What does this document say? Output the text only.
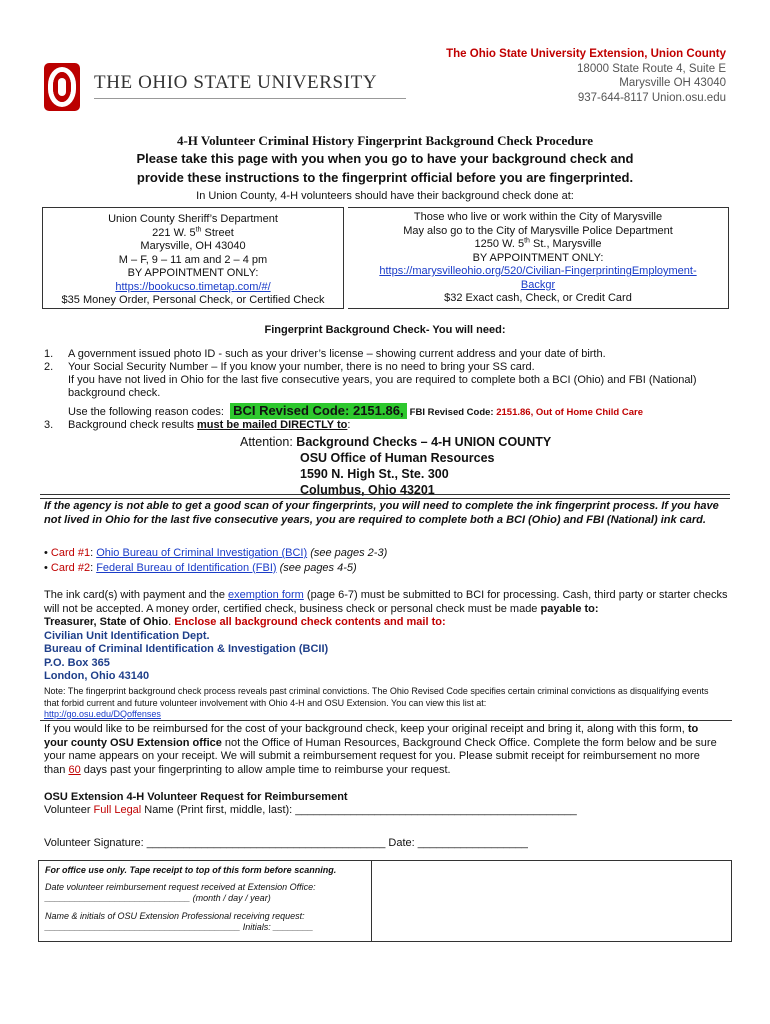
THE OHIO STATE UNIVERSITY
The Ohio State University Extension, Union County
18000 State Route 4, Suite E
Marysville OH 43040
937-644-8117 Union.osu.edu
4-H Volunteer Criminal History Fingerprint Background Check Procedure
Please take this page with you when you go to have your background check and
provide these instructions to the fingerprint official before you are fingerprinted.
In Union County, 4-H volunteers should have their background check done at:
Union County Sheriff’s Department
221 W. 5th Street
Marysville, OH 43040
M – F, 9 – 11 am and 2 – 4 pm
BY APPOINTMENT ONLY:
https://bookucso.timetap.com/#/
$35 Money Order, Personal Check, or Certified Check
Those who live or work within the City of Marysville
May also go to the City of Marysville Police Department
1250 W. 5th St., Marysville
BY APPOINTMENT ONLY:
https://marysvilleohio.org/520/Civilian-FingerprintingEmployment-
Backgr
$32 Exact cash, Check, or Credit Card
Fingerprint Background Check- You will need:
1. A government issued photo ID - such as your driver’s license – showing current address and your date of birth.
2. Your Social Security Number – If you know your number, there is no need to bring your SS card.
If you have not lived in Ohio for the last five consecutive years, you are required to complete both a BCI (Ohio) and FBI (National) background check.
Use the following reason codes: BCI Revised Code: 2151.86, FBI Revised Code: 2151.86, Out of Home Child Care
3. Background check results must be mailed DIRECTLY to:
Attention: Background Checks – 4-H UNION COUNTY
OSU Office of Human Resources
1590 N. High St., Ste. 300
Columbus, Ohio 43201
If the agency is not able to get a good scan of your fingerprints, you will need to complete the ink fingerprint process. If you have not lived in Ohio for the last five consecutive years, you are required to complete both a BCI (Ohio) and FBI (National) ink card.
• Card #1: Ohio Bureau of Criminal Investigation (BCI) (see pages 2-3)
• Card #2: Federal Bureau of Identification (FBI) (see pages 4-5)
The ink card(s) with payment and the exemption form (page 6-7) must be submitted to BCI for processing. Cash, third party or starter checks will not be accepted. A money order, certified check, business check or personal check must be made payable to:
Treasurer, State of Ohio. Enclose all background check contents and mail to:
Civilian Unit Identification Dept.
Bureau of Criminal Identification & Investigation (BCII)
P.O. Box 365
London, Ohio 43140
Note: The fingerprint background check process reveals past criminal convictions. The Ohio Revised Code specifies certain criminal convictions as disqualifying events that forbid current and future volunteer involvement with Ohio 4-H and OSU Extension. You can view this list at:
http://go.osu.edu/DQoffenses
If you would like to be reimbursed for the cost of your background check, keep your original receipt and bring it, along with this form, to your county OSU Extension office not the Office of Human Resources, Background Check Office. Complete the form below and be sure your name appears on your receipt. We will submit a reimbursement request for you. Please submit receipt for reimbursement no more than 60 days past your fingerprinting to allow ample time to reimburse your request.
OSU Extension 4-H Volunteer Request for Reimbursement
Volunteer Full Legal Name (Print first, middle, last): ______________________________________________
Volunteer Signature: _______________________________________ Date: __________________
For office use only. Tape receipt to top of this form before scanning.
Date volunteer reimbursement request received at Extension Office:
_____________________________ (month / day / year)
Name & initials of OSU Extension Professional receiving request:
_______________________________________ Initials: ________
